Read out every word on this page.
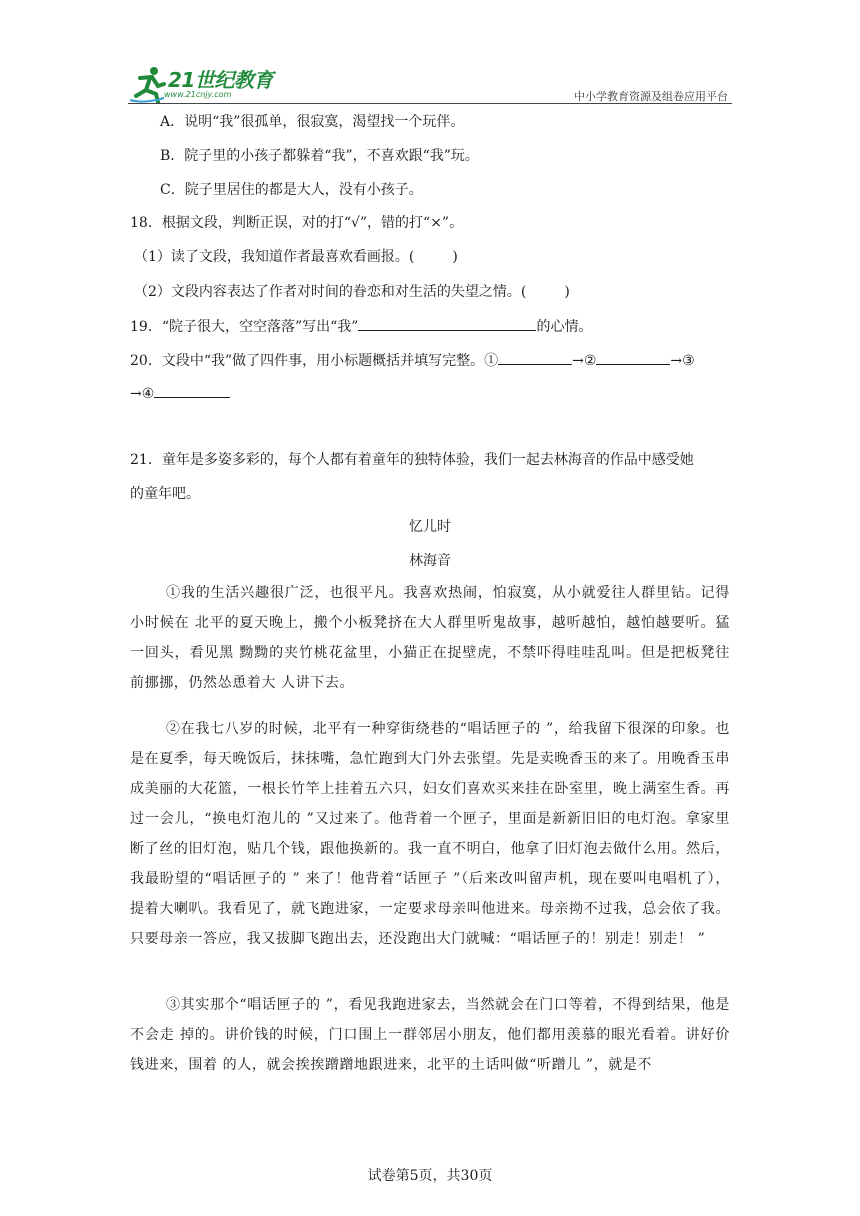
21世纪教育
www.21cnjy.com	中小学教育资源及组卷应用平台
A．说明“我”很孤单，很寂寞，渴望找一个玩伴。
B．院子里的小孩子都躲着“我”，不喜欢跟“我”玩。
C．院子里居住的都是大人，没有小孩子。
18．根据文段，判断正误，对的打“√”，错的打“×”。
（1）读了文段，我知道作者最喜欢看画报。(	)
（2）文段内容表达了作者对时间的眷恋和对生活的失望之情。(	)
19．“院子很大，空空落落”写出“我”	的心情。
20．文段中“我”做了四件事，用小标题概括并填写完整。①	→②	→③
→④
21．童年是多姿多彩的，每个人都有着童年的独特体验，我们一起去林海音的作品中感受她
的童年吧。
忆儿时
林海音
①我的生活兴趣很广泛，也很平凡。我喜欢热闹，怕寂寞，从小就爱往人群里钻。记得小时候在 北平的夏天晚上，搬个小板凳挤在大人群里听鬼故事，越听越怕，越怕越要听。猛一回头，看见黑 黝黝的夹竹桃花盆里，小猫正在捉壁虎，不禁吓得哇哇乱叫。但是把板凳往前挪挪，仍然怂恿着大 人讲下去。
②在我七八岁的时候，北平有一种穿街绕巷的“唱话匣子的 ”，给我留下很深的印象。也是在夏季，每天晚饭后，抹抹嘴，急忙跑到大门外去张望。先是卖晚香玉的来了。用晚香玉串成美丽的大花篮，一根长竹竿上挂着五六只，妇女们喜欢买来挂在卧室里，晚上满室生香。再过一会儿，“换电灯泡儿的 ”又过来了。他背着一个匣子，里面是新新旧旧的电灯泡。拿家里断了丝的旧灯泡，贴几个钱，跟他换新的。我一直不明白，他拿了旧灯泡去做什么用。然后，我最盼望的“唱话匣子的 ” 来了！他背着“话匣子 ”（后来改叫留声机，现在要叫电唱机了），提着大喇叭。我看见了，就飞跑进家，一定要求母亲叫他进来。母亲拗不过我，总会依了我。只要母亲一答应，我又拔脚飞跑出去，还没跑出大门就喊：“唱话匣子的！别走！别走！ ”
③其实那个“唱话匣子的 ”，看见我跑进家去，当然就会在门口等着，不得到结果，他是不会走 掉的。讲价钱的时候，门口围上一群邻居小朋友，他们都用羡慕的眼光看着。讲好价钱进来，围着 的人，就会挨挨蹭蹭地跟进来，北平的土话叫做“听蹭儿 ”，就是不
试卷第5页，共30页
